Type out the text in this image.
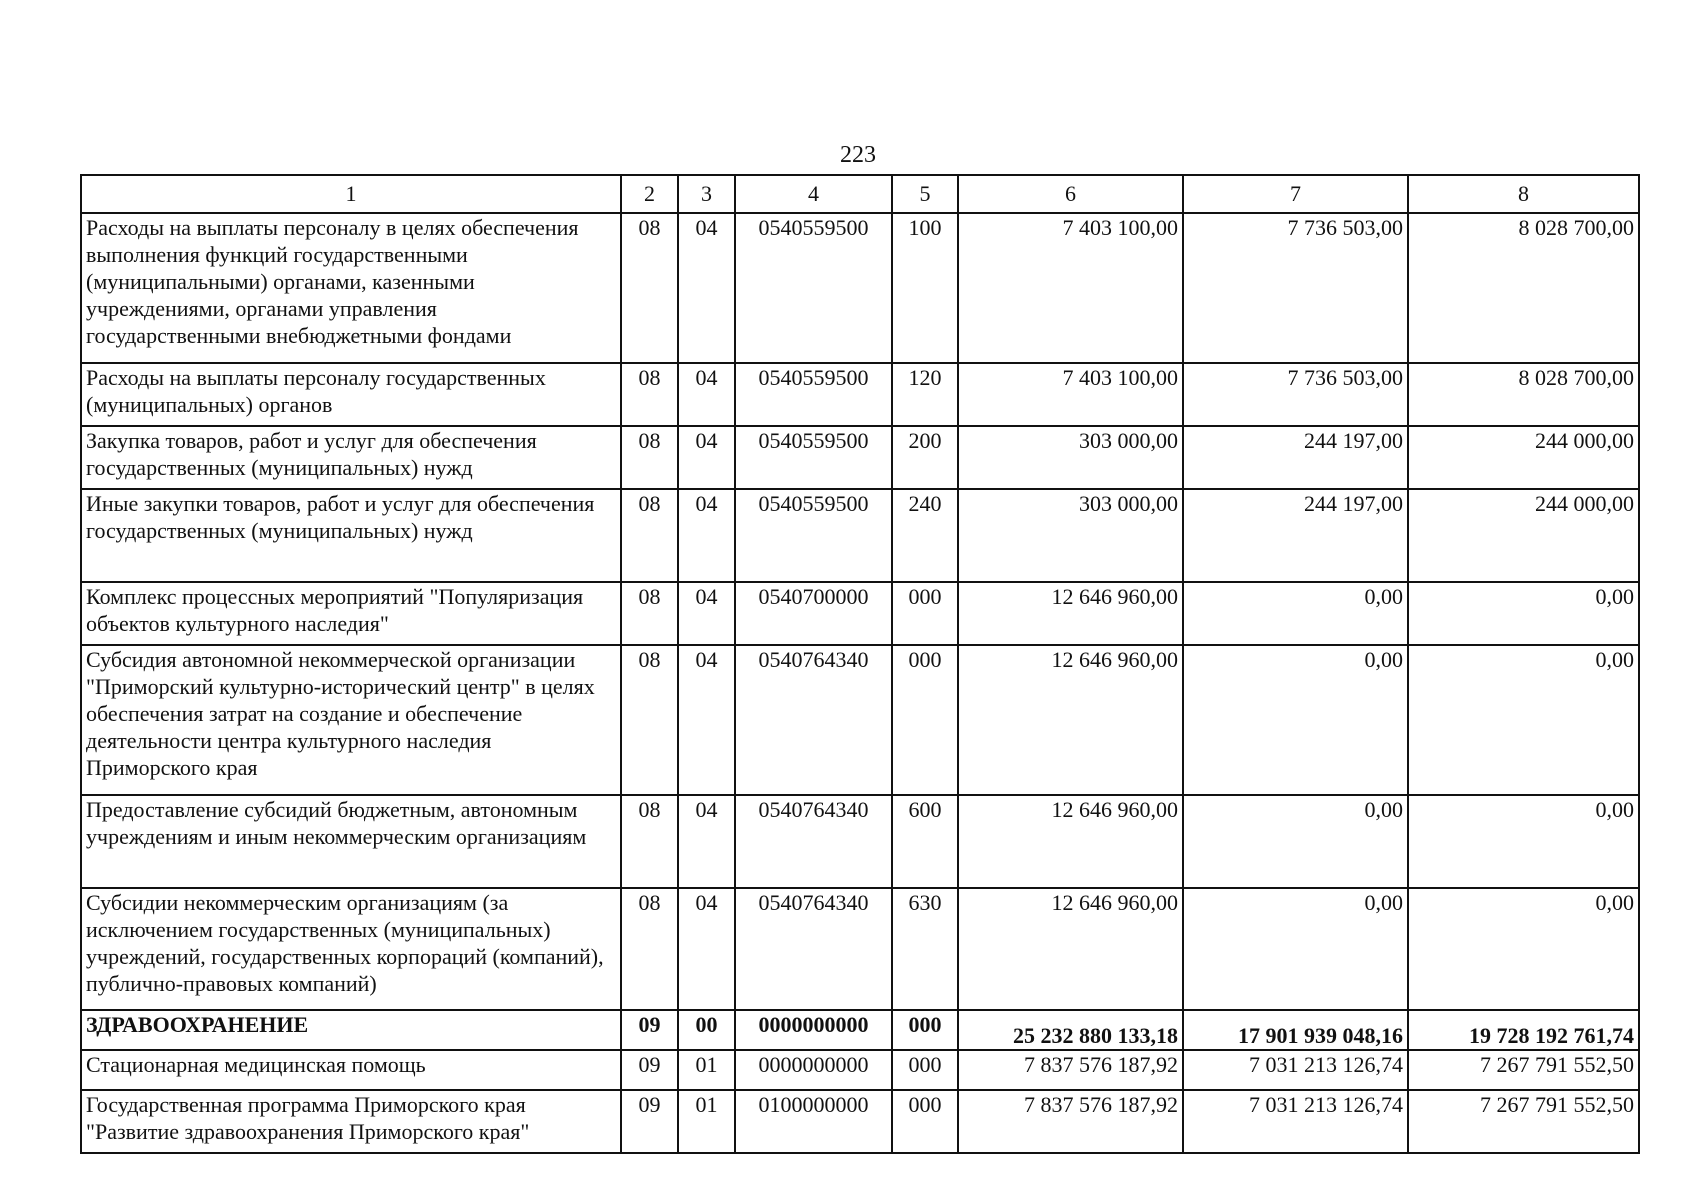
223
1	2	3	4	5	6	7	8
Расходы на выплаты персоналу в целях обеспечения выполнения функций государственными (муниципальными) органами, казенными учреждениями, органами управления государственными внебюджетными фондами	08	04	0540559500	100	7 403 100,00	7 736 503,00	8 028 700,00
Расходы на выплаты персоналу государственных (муниципальных) органов	08	04	0540559500	120	7 403 100,00	7 736 503,00	8 028 700,00
Закупка товаров, работ и услуг для обеспечения государственных (муниципальных) нужд	08	04	0540559500	200	303 000,00	244 197,00	244 000,00
Иные закупки товаров, работ и услуг для обеспечения государственных (муниципальных) нужд	08	04	0540559500	240	303 000,00	244 197,00	244 000,00
Комплекс процессных мероприятий "Популяризация объектов культурного наследия"	08	04	0540700000	000	12 646 960,00	0,00	0,00
Субсидия автономной некоммерческой организации "Приморский культурно-исторический центр" в целях обеспечения затрат на создание и обеспечение деятельности центра культурного наследия Приморского края	08	04	0540764340	000	12 646 960,00	0,00	0,00
Предоставление субсидий бюджетным, автономным учреждениям и иным некоммерческим организациям	08	04	0540764340	600	12 646 960,00	0,00	0,00
Субсидии некоммерческим организациям (за исключением государственных (муниципальных) учреждений, государственных корпораций (компаний), публично-правовых компаний)	08	04	0540764340	630	12 646 960,00	0,00	0,00
ЗДРАВООХРАНЕНИЕ	09	00	0000000000	000	25 232 880 133,18	17 901 939 048,16	19 728 192 761,74
Стационарная медицинская помощь	09	01	0000000000	000	7 837 576 187,92	7 031 213 126,74	7 267 791 552,50
Государственная программа Приморского края "Развитие здравоохранения Приморского края"	09	01	0100000000	000	7 837 576 187,92	7 031 213 126,74	7 267 791 552,50
